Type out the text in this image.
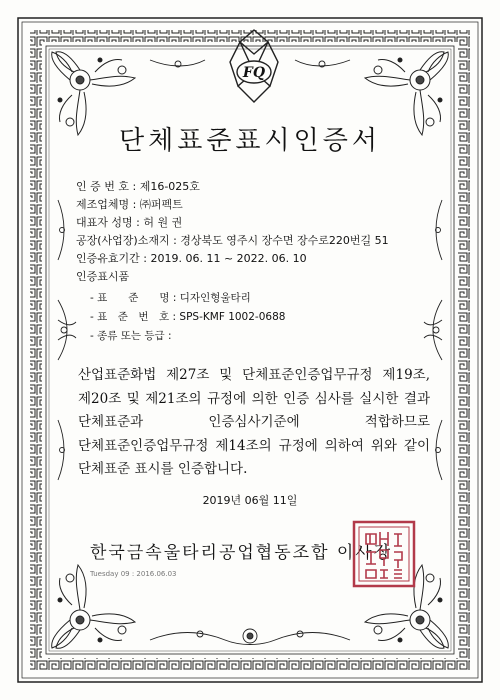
FQ
단체표준표시인증서
인 증 번 호 : 제16-025호
제조업체명 : ㈜퍼펙트
대표자 성명 : 허 원 권
공장(사업장)소재지 : 경상북도 영주시 장수면 장수로220번길 51
인증유효기간 : 2019. 06. 11 ~ 2022. 06. 10
인증표시품
- 표　　준　　명 : 디자인형울타리
- 표　준　번　호 : SPS-KMF 1002-0688
- 종류 또는 등급 :
산업표준화법 제27조 및 단체표준인증업무규정 제19조, 제20조 및 제21조의 규정에 의한 인증 심사를 실시한 결과 단체표준과 인증심사기준에 적합하므로 단체표준인증업무규정 제14조의 규정에 의하여 위와 같이 단체표준 표시를 인증합니다.
2019년 06월 11일
한국금속울타리공업협동조합 이사장
Tuesday 09 : 2016.06.03
